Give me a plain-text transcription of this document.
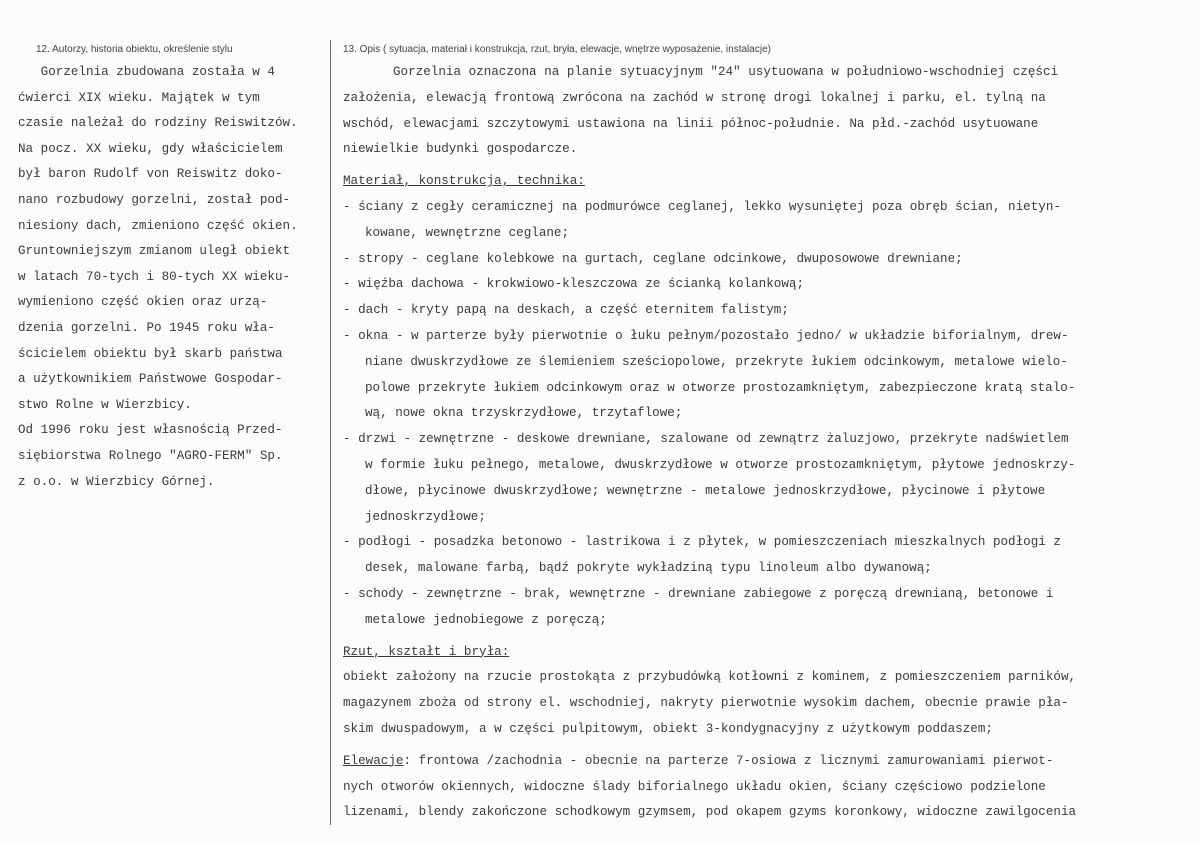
12. Autorzy, historia obiektu, określenie stylu
Gorzelnia zbudowana została w 4
ćwierci XIX wieku. Majątek w tym
czasie należał do rodziny Reiswitzów.
Na pocz. XX wieku, gdy właścicielem
był baron Rudolf von Reiswitz doko-
nano rozbudowy gorzelni, został pod-
niesiony dach, zmieniono część okien.
Gruntowniejszym zmianom uległ obiekt
w latach 70-tych i 80-tych XX wieku-
wymieniono część okien oraz urzą-
dzenia gorzelni. Po 1945 roku wła-
ścicielem obiektu był skarb państwa
a użytkownikiem Państwowe Gospodar-
stwo Rolne w Wierzbicy.
Od 1996 roku jest własnością Przed-
siębiorstwa Rolnego "AGRO-FERM" Sp.
z o.o. w Wierzbicy Górnej.
13. Opis ( sytuacja, materiał i konstrukcja, rzut, bryła, elewacje, wnętrze wyposażenie, instalacje)
Gorzelnia oznaczona na planie sytuacyjnym "24" usytuowana w południowo-wschodniej części
założenia, elewacją frontową zwrócona na zachód w stronę drogi lokalnej i parku, el. tylną na
wschód, elewacjami szczytowymi ustawiona na linii północ-południe. Na płd.-zachód usytuowane
niewielkie budynki gospodarcze.
Materiał, konstrukcja, technika:
- ściany z cegły ceramicznej na podmurówce ceglanej, lekko wysuniętej poza obręb ścian, nietyn-
kowane, wewnętrzne ceglane;
- stropy - ceglane kolebkowe na gurtach, ceglane odcinkowe, dwuposowowe drewniane;
- więźba dachowa - krokwiowo-kleszczowa ze ścianką kolankową;
- dach - kryty papą na deskach, a część eternitem falistym;
- okna - w parterze były pierwotnie o łuku pełnym/pozostało jedno/ w układzie biforialnym, drew-
niane dwuskrzydłowe ze ślemieniem sześciopolowe, przekryte łukiem odcinkowym, metalowe wielo-
polowe przekryte łukiem odcinkowym oraz w otworze prostozamkniętym, zabezpieczone kratą stalo-
wą, nowe okna trzyskrzydłowe, trzytaflowe;
- drzwi - zewnętrzne - deskowe drewniane, szalowane od zewnątrz żaluzjowo, przekryte nadświetlem
w formie łuku pełnego, metalowe, dwuskrzydłowe w otworze prostozamkniętym, płytowe jednoskrzy-
dłowe, płycinowe dwuskrzydłowe; wewnętrzne - metalowe jednoskrzydłowe, płycinowe i płytowe
jednoskrzydłowe;
- podłogi - posadzka betonowo - lastrikowa i z płytek, w pomieszczeniach mieszkalnych podłogi z
desek, malowane farbą, bądź pokryte wykładziną typu linoleum albo dywanową;
- schody - zewnętrzne - brak, wewnętrzne - drewniane zabiegowe z poręczą drewnianą, betonowe i
metalowe jednobiegowe z poręczą;
Rzut, kształt i bryła:
obiekt założony na rzucie prostokąta z przybudówką kotłowni z kominem, z pomieszczeniem parników,
magazynem zboża od strony el. wschodniej, nakryty pierwotnie wysokim dachem, obecnie prawie pła-
skim dwuspadowym, a w części pulpitowym, obiekt 3-kondygnacyjny z użytkowym poddaszem;
Elewacje: frontowa /zachodnia - obecnie na parterze 7-osiowa z licznymi zamurowaniami pierwot-
nych otworów okiennych, widoczne ślady biforialnego układu okien, ściany częściowo podzielone
lizenami, blendy zakończone schodkowym gzymsem, pod okapem gzyms koronkowy, widoczne zawilgocenia
